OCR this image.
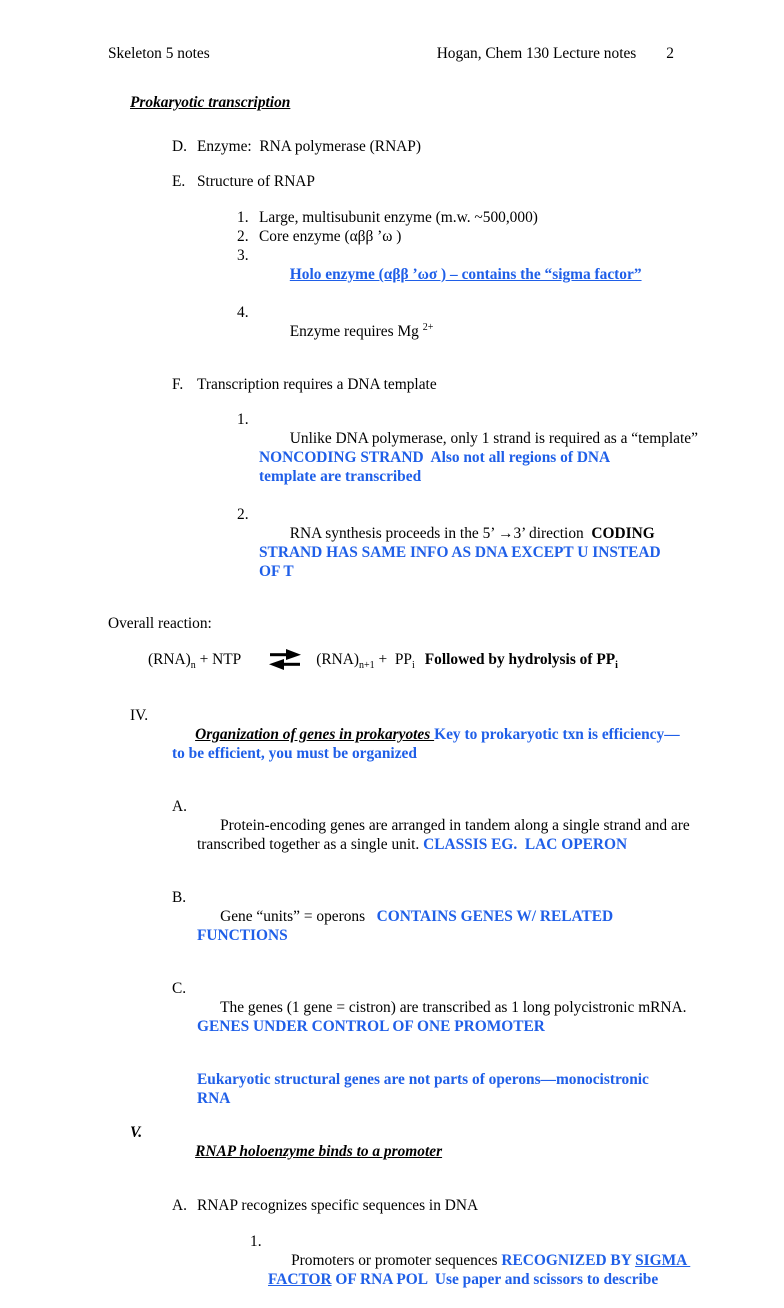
Skeleton 5 notes	Hogan, Chem 130 Lecture notes 2
Prokaryotic transcription
D. Enzyme:  RNA polymerase (RNAP)
E. Structure of RNAP
1. Large, multisubunit enzyme (m.w. ~500,000)
2. Core enzyme (αββ ’ω )
3.

Holo enzyme (αββ ’ωσ ) – contains the “sigma factor”

4.

Enzyme requires Mg $^{2+}$

F. Transcription requires a DNA template
1.

Unlike DNA polymerase, only 1 strand is required as a “template”
NONCODING STRAND  Also not all regions of DNA
template are transcribed

2.

RNA synthesis proceeds in the 5’ →3’ direction  CODING
STRAND HAS SAME INFO AS DNA EXCEPT U INSTEAD
OF T

Overall reaction:
$(RNA)_n$ + NTP ⇌ $(RNA)_{n+1} + PP_i$ Followed by hydrolysis of $PP_i$
IV.

Organization of genes in prokaryotes Key to prokaryotic txn is efficiency—
to be efficient, you must be organized

A.

Protein-encoding genes are arranged in tandem along a single strand and are
transcribed together as a single unit. CLASSIS EG.  LAC OPERON

B.

Gene “units” = operons   CONTAINS GENES W/ RELATED
FUNCTIONS

C.

The genes (1 gene = cistron) are transcribed as 1 long polycistronic mRNA.
GENES UNDER CONTROL OF ONE PROMOTER

Eukaryotic structural genes are not parts of operons—monocistronic
RNA
V.

RNAP holoenzyme binds to a promoter

A. RNAP recognizes specific sequences in DNA
1.

Promoters or promoter sequences RECOGNIZED BY SIGMA
FACTOR OF RNA POL  Use paper and scissors to describe
